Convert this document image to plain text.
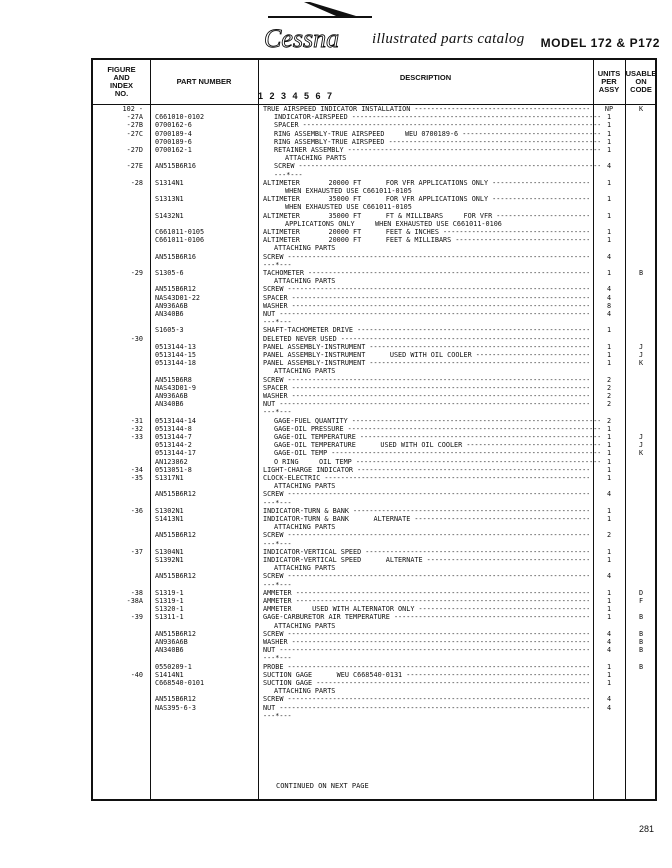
Cessna illustrated parts catalog MODEL 172 & P172
FIGURE
AND
INDEX
NO.
PART NUMBER	DESCRIPTION
1 2 3 4 5 6 7
UNITS
PER
ASSY
USABLE
ON
CODE
102 -	TRUE AIRSPEED INDICATOR INSTALLATION -----	NP	K
-27A C661010-0102	INDICATOR-AIRSPEED -----	1
-27B 0700162-6	SPACER -----	1
-27C 0700189-4	RING ASSEMBLY-TRUE AIRSPEED     WEU 0700189-6 -----	1
0700189-6	RING ASSEMBLY-TRUE AIRSPEED -----	1
-27D 0700162-1	RETAINER ASSEMBLY -----	1
ATTACHING PARTS
-27E AN515B6R16	SCREW -----	4
---*---
-28 S1314N1	ALTIMETER       20000 FT      FOR VFR APPLICATIONS ONLY -----	1
WHEN EXHAUSTED USE C661011-0105
S1313N1	ALTIMETER       35000 FT      FOR VFR APPLICATIONS ONLY -----	1
WHEN EXHAUSTED USE C661011-0105
S1432N1	ALTIMETER       35000 FT      FT & MILLIBARS     FOR VFR -----	1
APPLICATIONS ONLY     WHEN EXHAUSTED USE C661011-0106
C661011-0105	ALTIMETER       20000 FT      FEET & INCHES -----	1
C661011-0106	ALTIMETER       20000 FT      FEET & MILLIBARS -----	1
ATTACHING PARTS
AN515B6R16	SCREW -----	4
---*---
-29 S1305-6	TACHOMETER -----	1	B
ATTACHING PARTS
AN515B6R12	SCREW -----	4
NAS43D01-22	SPACER -----	4
AN936A6B	WASHER -----	8
AN340B6	NUT -----	4
---*---
S1605-3	SHAFT-TACHOMETER DRIVE -----	1
-30	DELETED NEVER USED -----
0513144-13	PANEL ASSEMBLY-INSTRUMENT -----	1	J
0513144-15	PANEL ASSEMBLY-INSTRUMENT      USED WITH OIL COOLER -----	1	J
0513144-18	PANEL ASSEMBLY-INSTRUMENT -----	1	K
ATTACHING PARTS
AN515B6R8	SCREW -----	2
NAS43D01-9	SPACER -----	2
AN936A6B	WASHER -----	2
AN340B6	NUT -----	2
---*---
-31 0513144-14	GAGE-FUEL QUANTITY -----	2
-32 0513144-8	GAGE-OIL PRESSURE -----	1
-33 0513144-7	GAGE-OIL TEMPERATURE -----	1	J
0513144-2	GAGE-OIL TEMPERATURE      USED WITH OIL COOLER -----	1	J
0513144-17	GAGE-OIL TEMP -----	1	K
AN123862	O RING     OIL TEMP -----	1
-34 0513051-8	LIGHT-CHARGE INDICATOR -----	1
-35 S1317N1	CLOCK-ELECTRIC -----	1
ATTACHING PARTS
AN515B6R12	SCREW -----	4
---*---
-36 S1302N1	INDICATOR-TURN & BANK -----	1
S1413N1	INDICATOR-TURN & BANK      ALTERNATE -----	1
ATTACHING PARTS
AN515B6R12	SCREW -----	2
---*---
-37 S1304N1	INDICATOR-VERTICAL SPEED -----	1
S1392N1	INDICATOR-VERTICAL SPEED      ALTERNATE -----	1
ATTACHING PARTS
AN515B6R12	SCREW -----	4
---*---
-38 S1319-1	AMMETER -----	1	D
-38A S1319-1	AMMETER -----	1	F
S1320-1	AMMETER     USED WITH ALTERNATOR ONLY -----	1
-39 S1311-1	GAGE-CARBURETOR AIR TEMPERATURE -----	1	B
ATTACHING PARTS
AN515B6R12	SCREW -----	4	B
AN936A6B	WASHER -----	4	B
AN340B6	NUT -----	4	B
---*---
0550209-1	PROBE -----	1	B
-40 S1414N1	SUCTION GAGE      WEU C668540-0131 -----	1
C668540-0101	SUCTION GAGE -----	1
ATTACHING PARTS
AN515B6R12	SCREW -----	4
NAS395-6-3	NUT -----	4
---*---
CONTINUED ON NEXT PAGE
281
